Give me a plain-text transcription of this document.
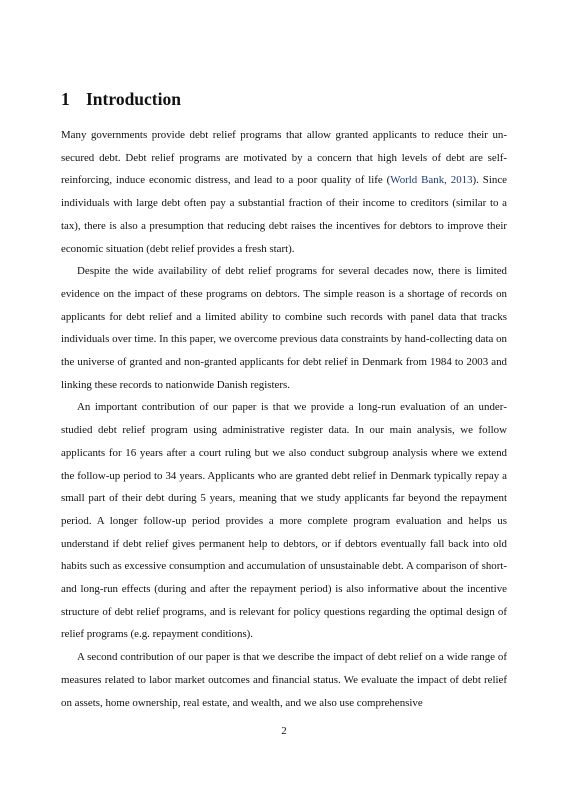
1 Introduction

Many governments provide debt relief programs that allow granted applicants to reduce their unsecured debt. Debt relief programs are motivated by a concern that high levels of debt are selfreinforcing, induce economic distress, and lead to a poor quality of life (World Bank, 2013). Since individuals with large debt often pay a substantial fraction of their income to creditors (similar to a tax), there is also a presumption that reducing debt raises the incentives for debtors to improve their economic situation (debt relief provides a fresh start).

Despite the wide availability of debt relief programs for several decades now, there is limited evidence on the impact of these programs on debtors. The simple reason is a shortage of records on applicants for debt relief and a limited ability to combine such records with panel data that tracks individuals over time. In this paper, we overcome previous data constraints by hand-collecting data on the universe of granted and non-granted applicants for debt relief in Denmark from 1984 to 2003 and linking these records to nationwide Danish registers.

An important contribution of our paper is that we provide a long-run evaluation of an understudied debt relief program using administrative register data. In our main analysis, we follow applicants for 16 years after a court ruling but we also conduct subgroup analysis where we extend the follow-up period to 34 years. Applicants who are granted debt relief in Denmark typically repay a small part of their debt during 5 years, meaning that we study applicants far beyond the repayment period. A longer follow-up period provides a more complete program evaluation and helps us understand if debt relief gives permanent help to debtors, or if debtors eventually fall back into old habits such as excessive consumption and accumulation of unsustainable debt. A comparison of short- and long-run effects (during and after the repayment period) is also informative about the incentive structure of debt relief programs, and is relevant for policy questions regarding the optimal design of relief programs (e.g. repayment conditions).

A second contribution of our paper is that we describe the impact of debt relief on a wide range of measures related to labor market outcomes and financial status. We evaluate the impact of debt relief on assets, home ownership, real estate, and wealth, and we also use comprehensive

2
